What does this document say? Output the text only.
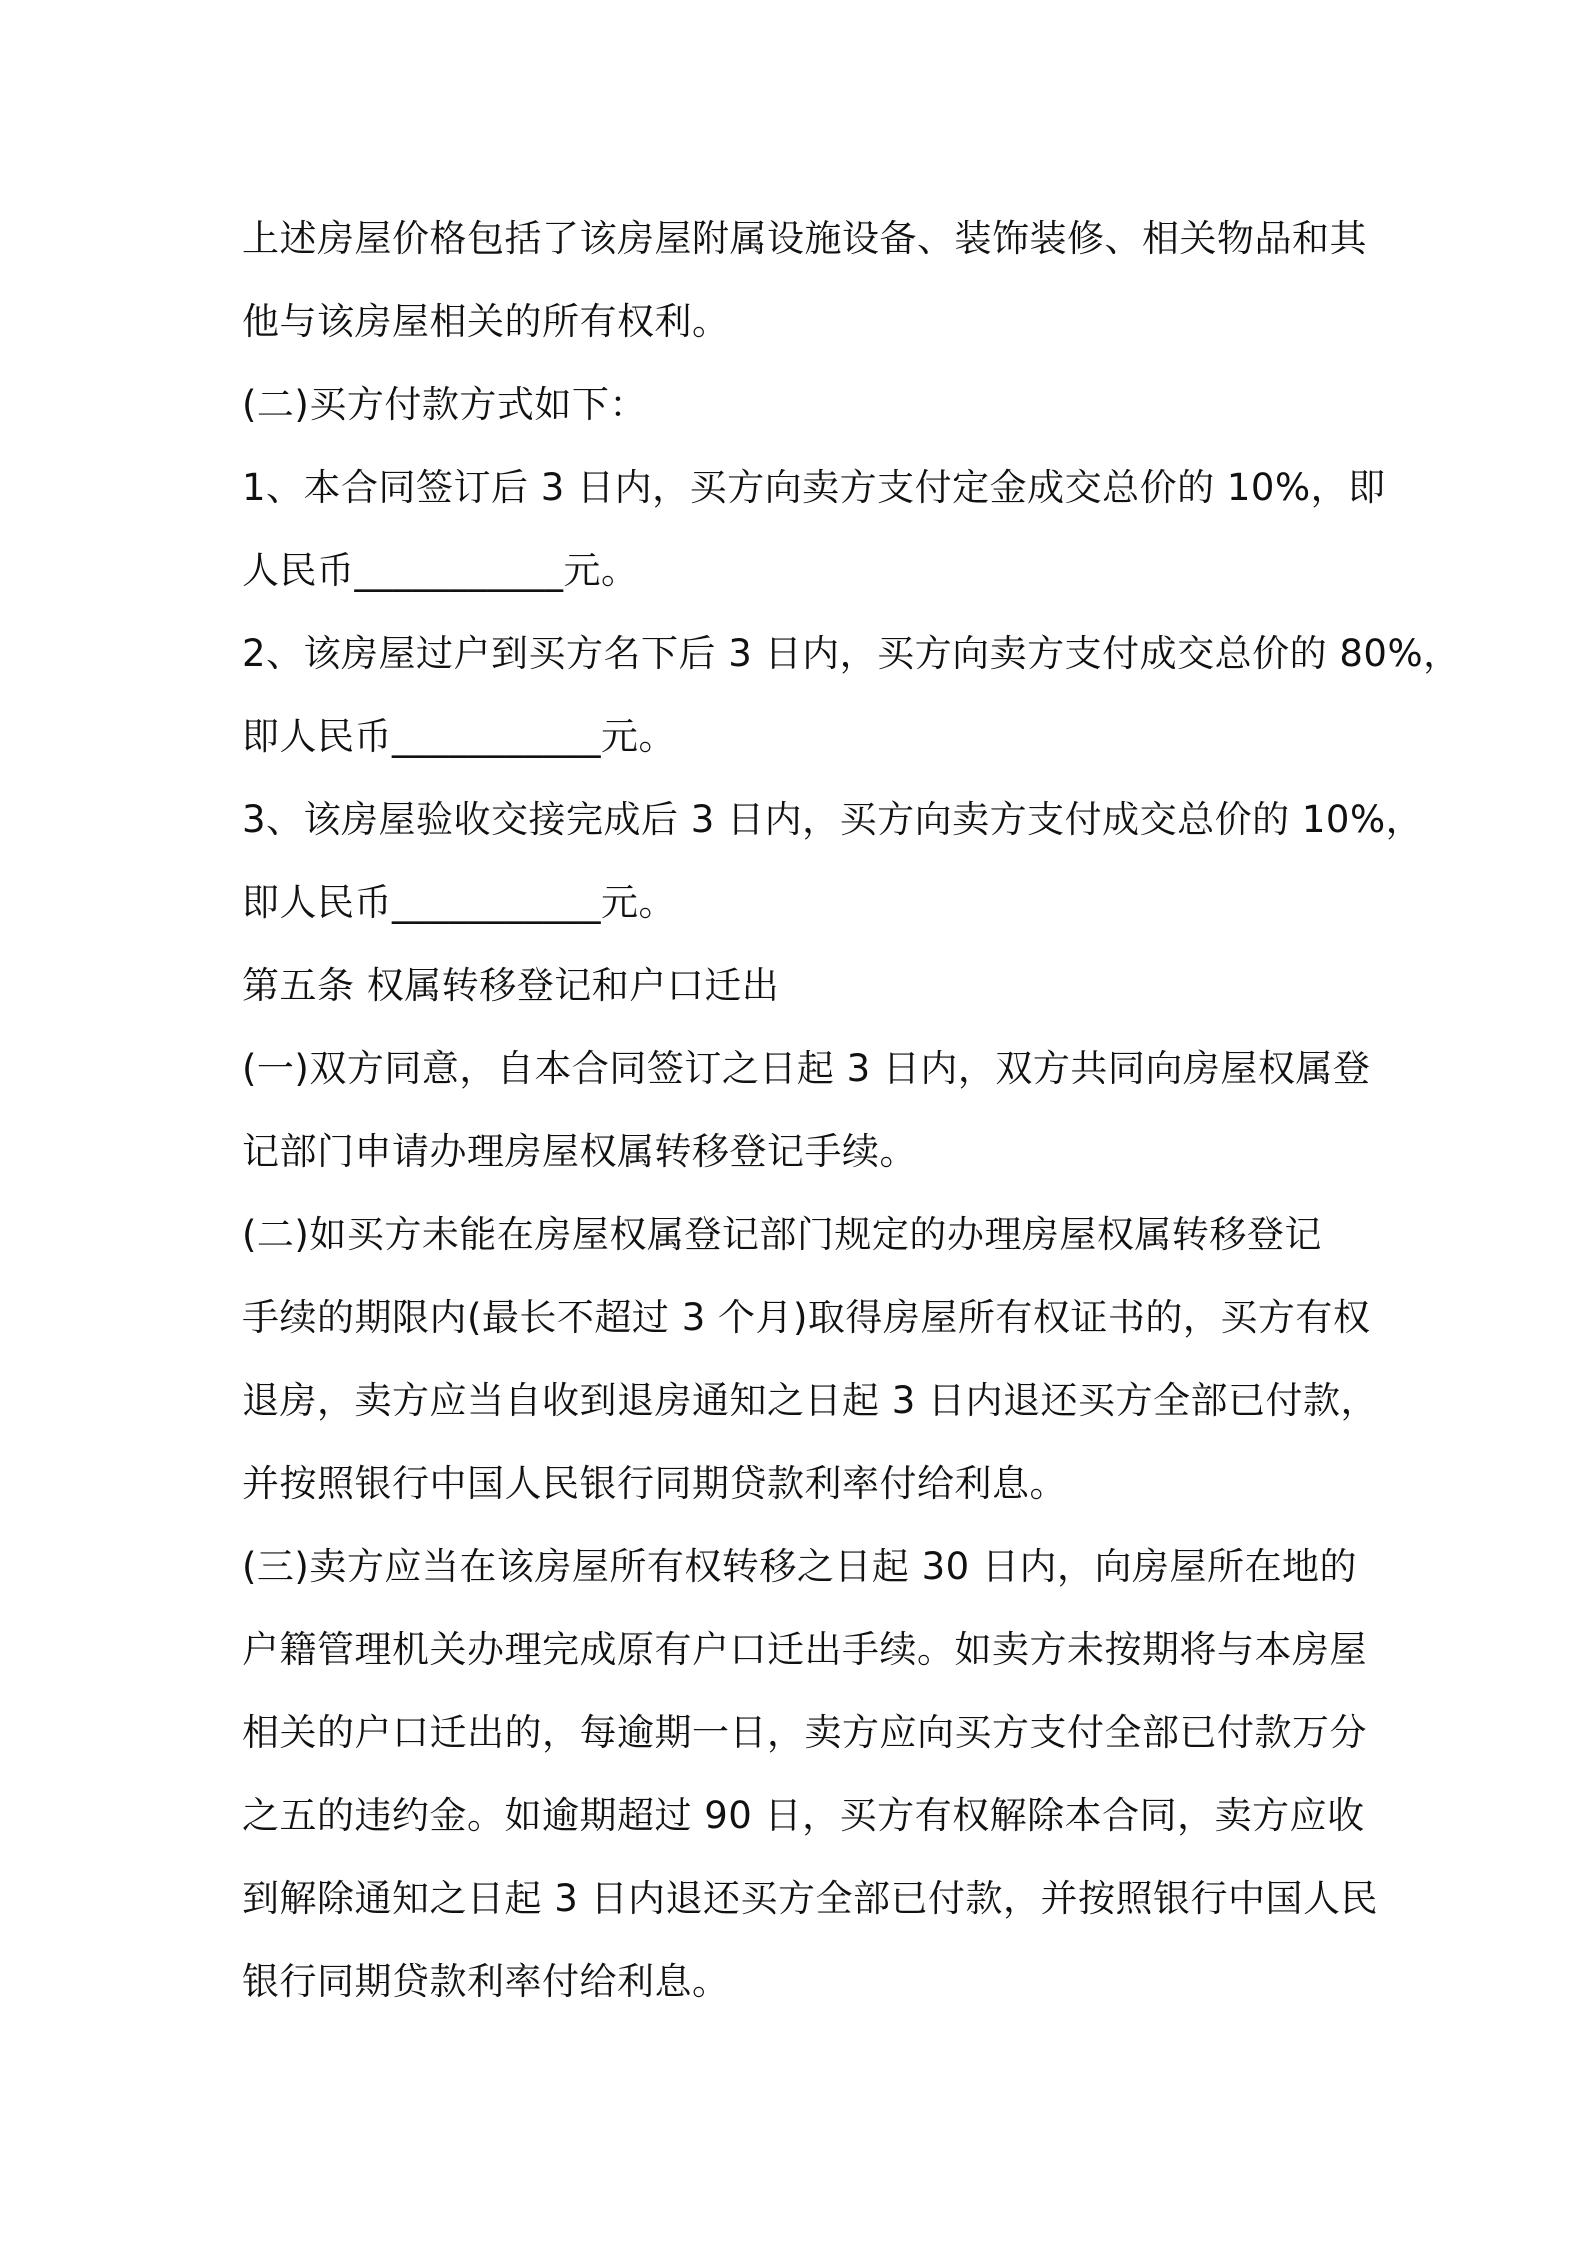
上述房屋价格包括了该房屋附属设施设备、装饰装修、相关物品和其
他与该房屋相关的所有权利。
(二)买方付款方式如下：
1、本合同签订后 3 日内，买方向卖方支付定金成交总价的 10%，即
人民币___________元。
2、该房屋过户到买方名下后 3 日内，买方向卖方支付成交总价的 80%，
即人民币___________元。
3、该房屋验收交接完成后 3 日内，买方向卖方支付成交总价的 10%，
即人民币___________元。
第五条 权属转移登记和户口迁出
(一)双方同意，自本合同签订之日起 3 日内，双方共同向房屋权属登
记部门申请办理房屋权属转移登记手续。
(二)如买方未能在房屋权属登记部门规定的办理房屋权属转移登记
手续的期限内(最长不超过 3 个月)取得房屋所有权证书的，买方有权
退房，卖方应当自收到退房通知之日起 3 日内退还买方全部已付款，
并按照银行中国人民银行同期贷款利率付给利息。
(三)卖方应当在该房屋所有权转移之日起 30 日内，向房屋所在地的
户籍管理机关办理完成原有户口迁出手续。如卖方未按期将与本房屋
相关的户口迁出的，每逾期一日，卖方应向买方支付全部已付款万分
之五的违约金。如逾期超过 90 日，买方有权解除本合同，卖方应收
到解除通知之日起 3 日内退还买方全部已付款，并按照银行中国人民
银行同期贷款利率付给利息。
